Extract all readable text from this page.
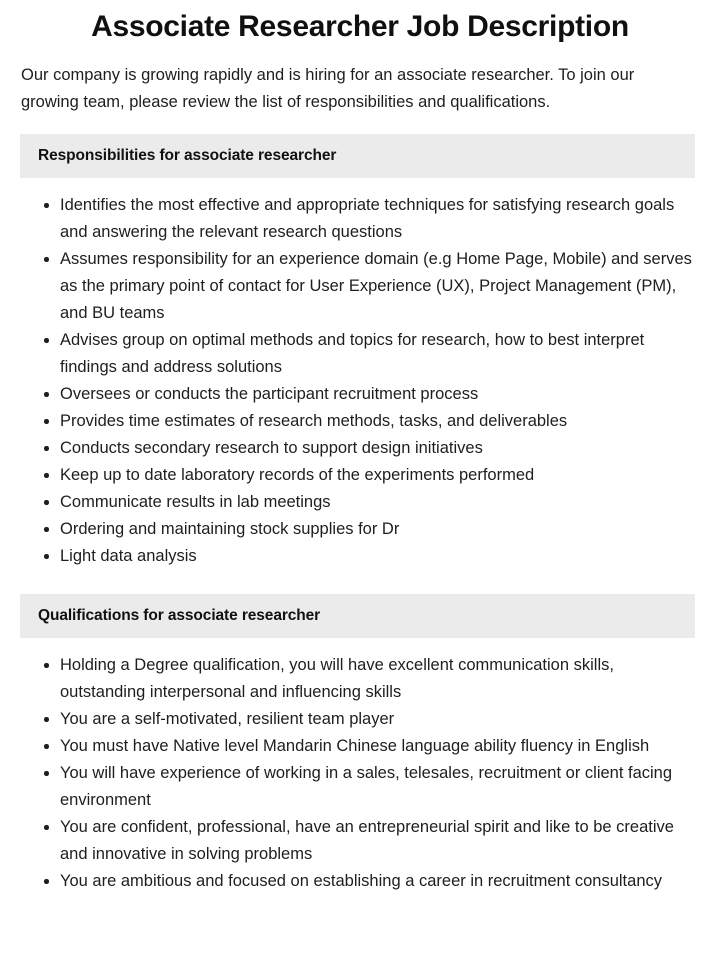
Associate Researcher Job Description

Our company is growing rapidly and is hiring for an associate researcher. To join our growing team, please review the list of responsibilities and qualifications.

Responsibilities for associate researcher
Identifies the most effective and appropriate techniques for satisfying research goals and answering the relevant research questions
Assumes responsibility for an experience domain (e.g Home Page, Mobile) and serves as the primary point of contact for User Experience (UX), Project Management (PM), and BU teams
Advises group on optimal methods and topics for research, how to best interpret findings and address solutions
Oversees or conducts the participant recruitment process
Provides time estimates of research methods, tasks, and deliverables
Conducts secondary research to support design initiatives
Keep up to date laboratory records of the experiments performed
Communicate results in lab meetings
Ordering and maintaining stock supplies for Dr
Light data analysis
Qualifications for associate researcher
Holding a Degree qualification, you will have excellent communication skills, outstanding interpersonal and influencing skills
You are a self-motivated, resilient team player
You must have Native level Mandarin Chinese language ability fluency in English
You will have experience of working in a sales, telesales, recruitment or client facing environment
You are confident, professional, have an entrepreneurial spirit and like to be creative and innovative in solving problems
You are ambitious and focused on establishing a career in recruitment consultancy
